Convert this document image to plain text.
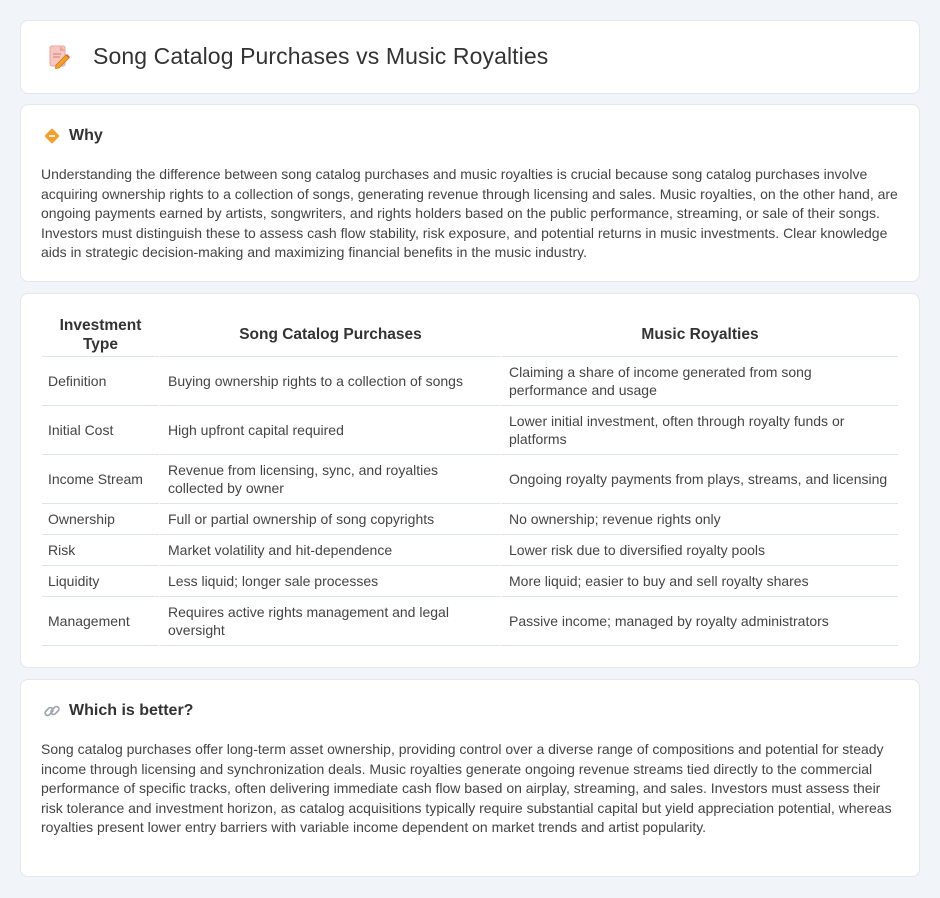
Song Catalog Purchases vs Music Royalties
Why

Understanding the difference between song catalog purchases and music royalties is crucial because song catalog purchases involve acquiring ownership rights to a collection of songs, generating revenue through licensing and sales. Music royalties, on the other hand, are ongoing payments earned by artists, songwriters, and rights holders based on the public performance, streaming, or sale of their songs. Investors must distinguish these to assess cash flow stability, risk exposure, and potential returns in music investments. Clear knowledge aids in strategic decision-making and maximizing financial benefits in the music industry.

Investment Type	Song Catalog Purchases	Music Royalties
Definition	Buying ownership rights to a collection of songs	Claiming a share of income generated from song performance and usage
Initial Cost	High upfront capital required	Lower initial investment, often through royalty funds or platforms
Income Stream	Revenue from licensing, sync, and royalties collected by owner	Ongoing royalty payments from plays, streams, and licensing
Ownership	Full or partial ownership of song copyrights	No ownership; revenue rights only
Risk	Market volatility and hit-dependence	Lower risk due to diversified royalty pools
Liquidity	Less liquid; longer sale processes	More liquid; easier to buy and sell royalty shares
Management	Requires active rights management and legal oversight	Passive income; managed by royalty administrators
Which is better?

Song catalog purchases offer long-term asset ownership, providing control over a diverse range of compositions and potential for steady income through licensing and synchronization deals. Music royalties generate ongoing revenue streams tied directly to the commercial performance of specific tracks, often delivering immediate cash flow based on airplay, streaming, and sales. Investors must assess their risk tolerance and investment horizon, as catalog acquisitions typically require substantial capital but yield appreciation potential, whereas royalties present lower entry barriers with variable income dependent on market trends and artist popularity.
